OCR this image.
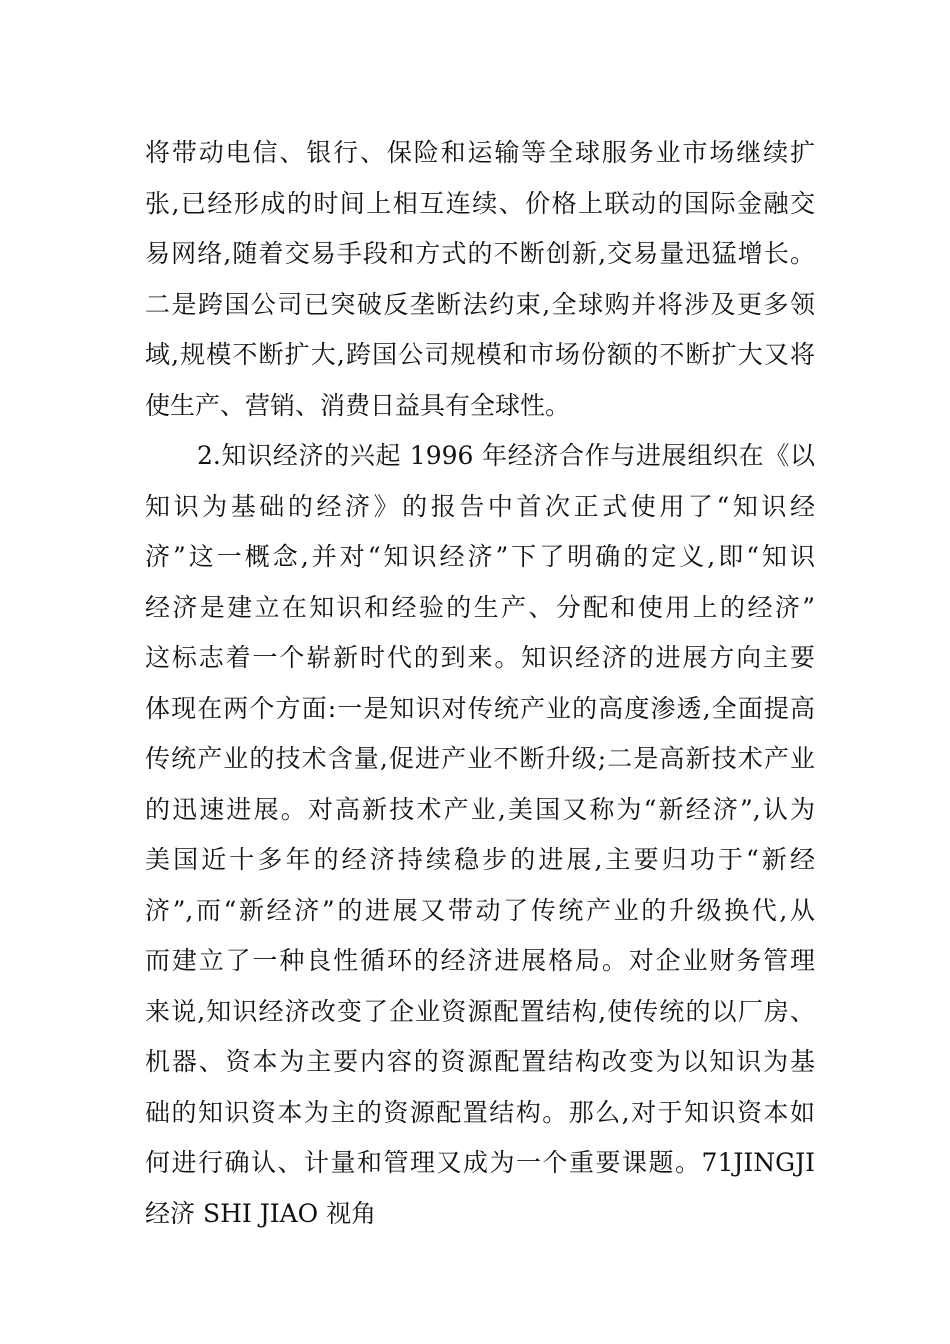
将带动电信、银行、保险和运输等全球服务业市场继续扩
张,已经形成的时间上相互连续、价格上联动的国际金融交
易网络,随着交易手段和方式的不断创新,交易量迅猛增长。
二是跨国公司已突破反垄断法约束,全球购并将涉及更多领
域,规模不断扩大,跨国公司规模和市场份额的不断扩大又将
使生产、营销、消费日益具有全球性。
2.知识经济的兴起 1996 年经济合作与进展组织在《以
知识为基础的经济》的报告中首次正式使用了“知识经
济”这一概念,并对“知识经济”下了明确的定义,即“知识
经济是建立在知识和经验的生产、分配和使用上的经济”
这标志着一个崭新时代的到来。知识经济的进展方向主要
体现在两个方面:一是知识对传统产业的高度渗透,全面提高
传统产业的技术含量,促进产业不断升级;二是高新技术产业
的迅速进展。对高新技术产业,美国又称为“新经济”,认为
美国近十多年的经济持续稳步的进展,主要归功于“新经
济”,而“新经济”的进展又带动了传统产业的升级换代,从
而建立了一种良性循环的经济进展格局。对企业财务管理
来说,知识经济改变了企业资源配置结构,使传统的以厂房、
机器、资本为主要内容的资源配置结构改变为以知识为基
础的知识资本为主的资源配置结构。那么,对于知识资本如
何进行确认、计量和管理又成为一个重要课题。71JINGJI
经济 SHI JIAO 视角
